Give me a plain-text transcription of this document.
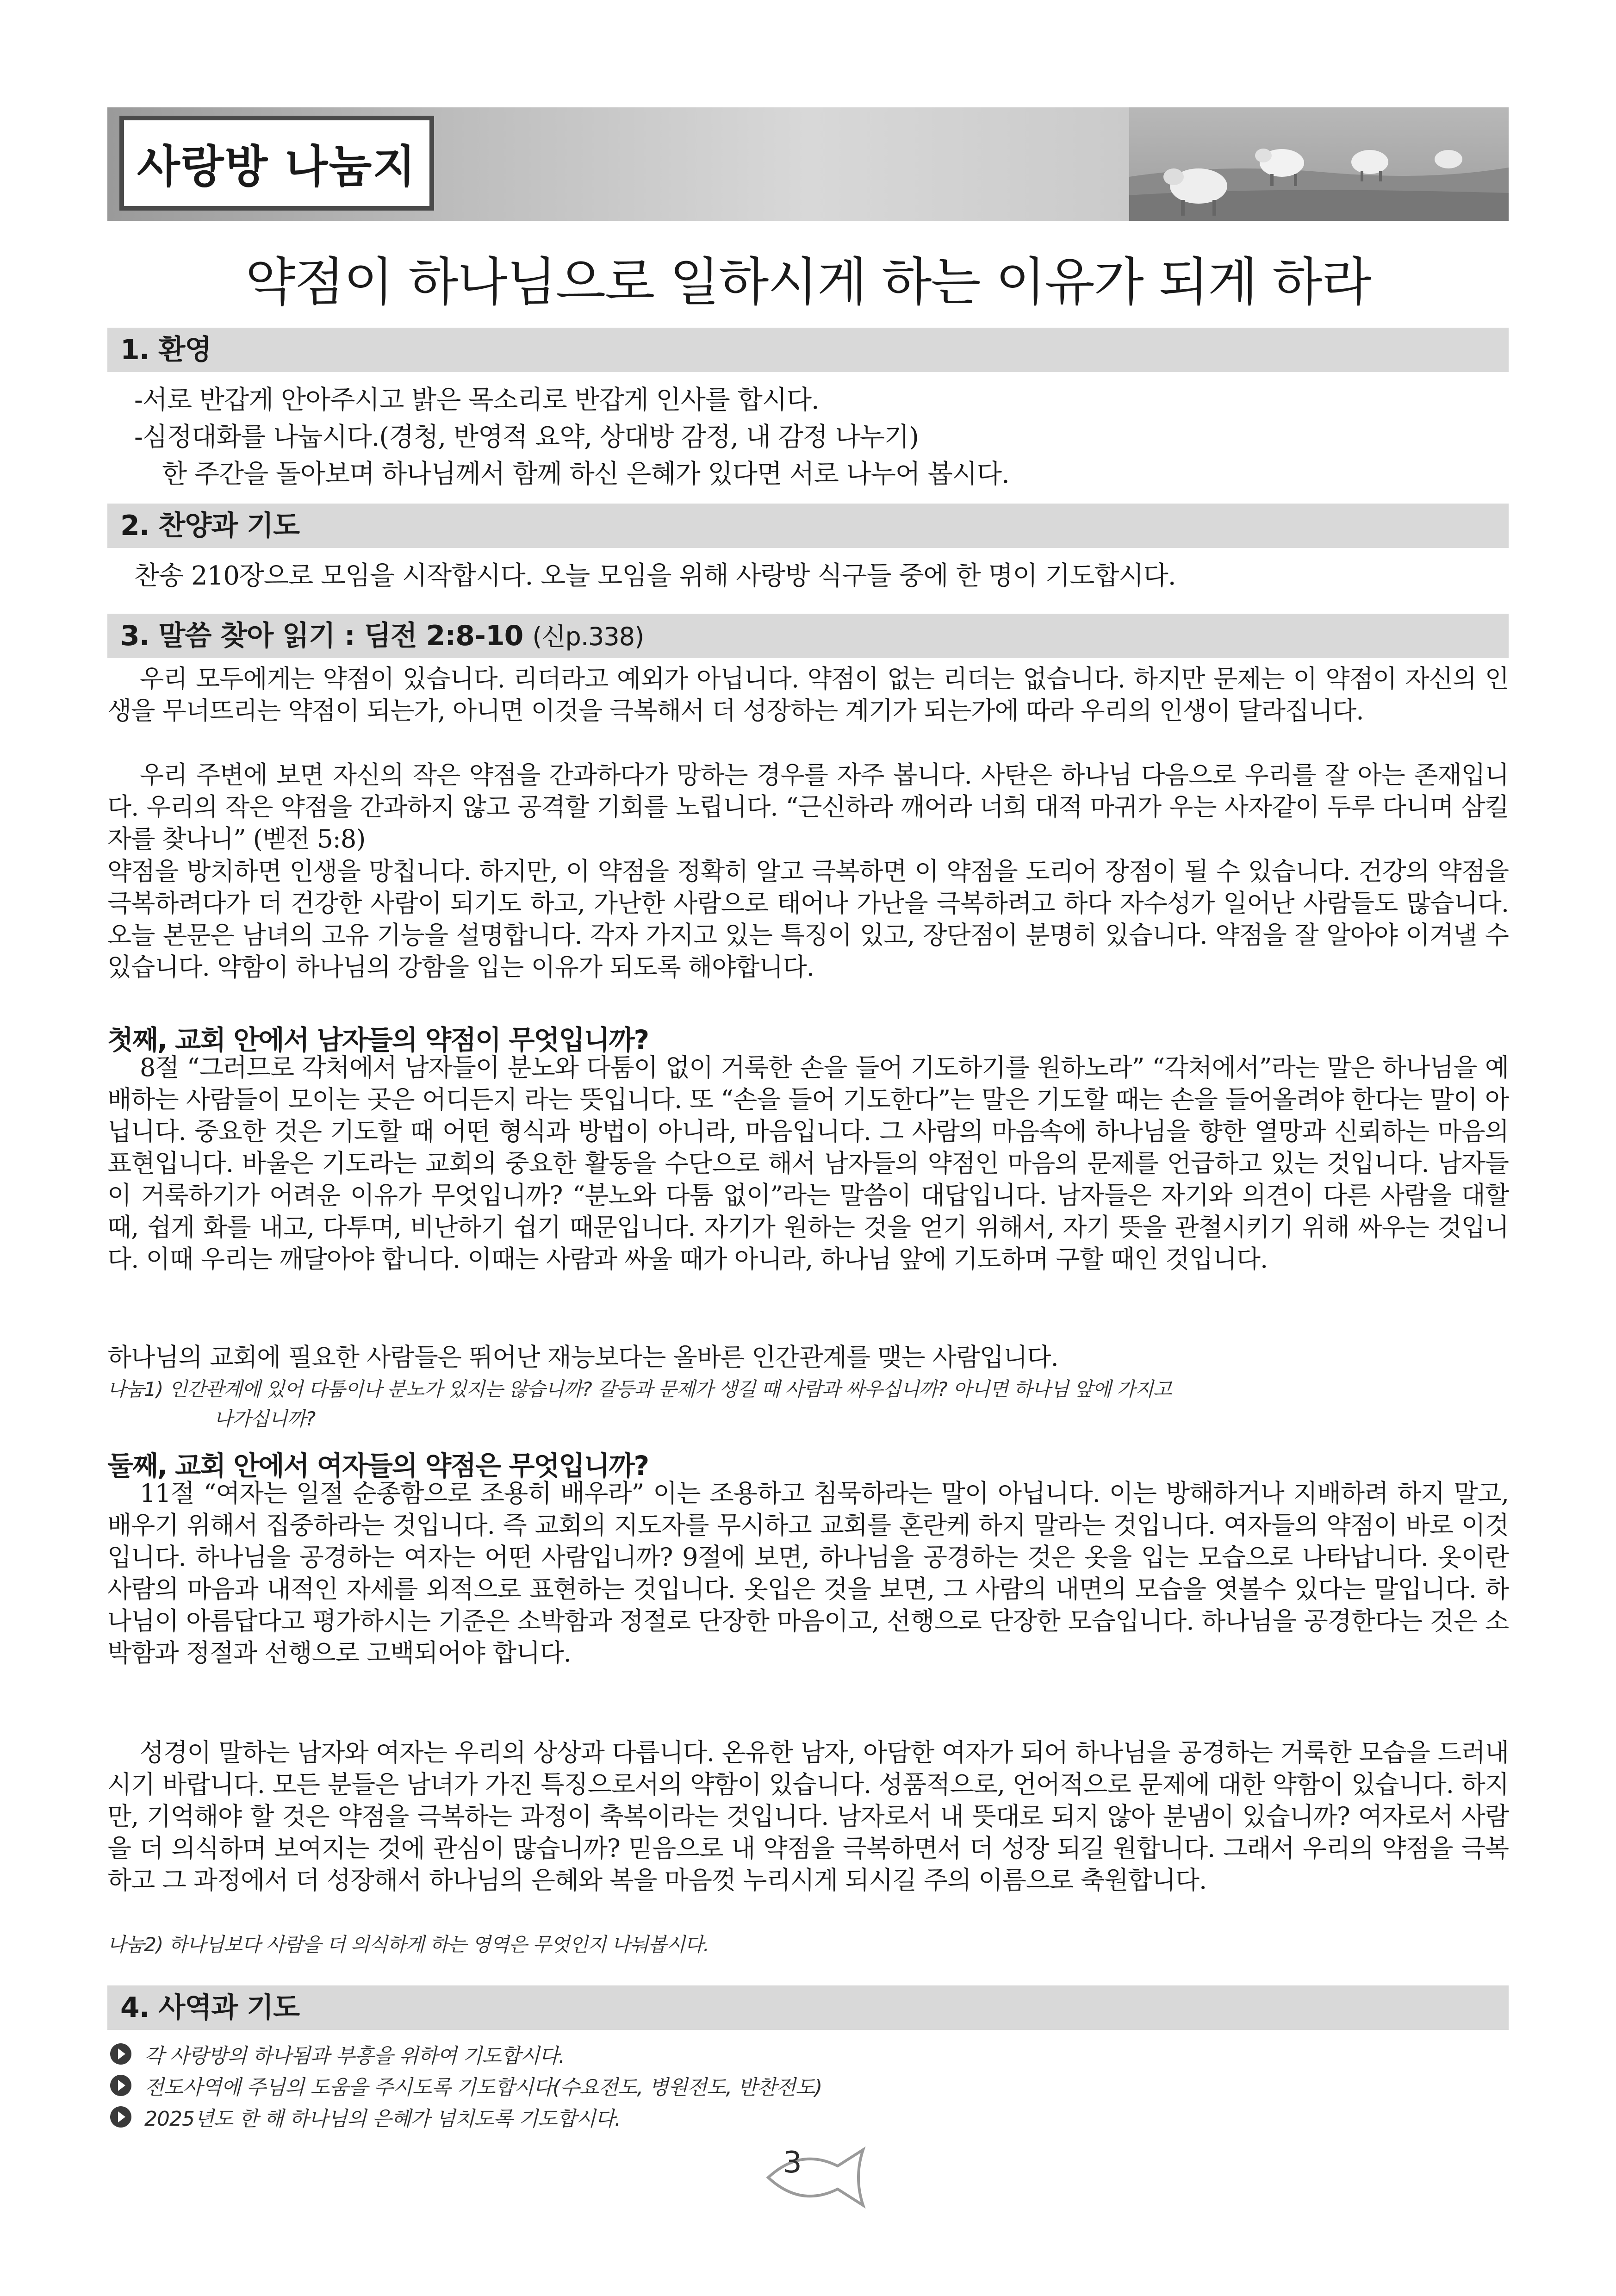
사랑방 나눔지
약점이 하나님으로 일하시게 하는 이유가 되게 하라
1. 환영
-서로 반갑게 안아주시고 밝은 목소리로 반갑게 인사를 합시다.
-심정대화를 나눕시다.(경청, 반영적 요약, 상대방 감정, 내 감정 나누기)
한 주간을 돌아보며 하나님께서 함께 하신 은혜가 있다면 서로 나누어 봅시다.
2. 찬양과 기도
찬송 210장으로 모임을 시작합시다. 오늘 모임을 위해 사랑방 식구들 중에 한 명이 기도합시다.
3. 말씀 찾아 읽기 : 딤전 2:8-10 (신p.338)
우리 모두에게는 약점이 있습니다. 리더라고 예외가 아닙니다. 약점이 없는 리더는 없습니다. 하지만 문제는 이 약점이 자신의 인생을 무너뜨리는 약점이 되는가, 아니면 이것을 극복해서 더 성장하는 계기가 되는가에 따라 우리의 인생이 달라집니다.
우리 주변에 보면 자신의 작은 약점을 간과하다가 망하는 경우를 자주 봅니다. 사탄은 하나님 다음으로 우리를 잘 아는 존재입니다. 우리의 작은 약점을 간과하지 않고 공격할 기회를 노립니다. “근신하라 깨어라 너희 대적 마귀가 우는 사자같이 두루 다니며 삼킬 자를 찾나니” (벧전 5:8)
약점을 방치하면 인생을 망칩니다. 하지만, 이 약점을 정확히 알고 극복하면 이 약점을 도리어 장점이 될 수 있습니다. 건강의 약점을 극복하려다가 더 건강한 사람이 되기도 하고, 가난한 사람으로 태어나 가난을 극복하려고 하다 자수성가 일어난 사람들도 많습니다. 오늘 본문은 남녀의 고유 기능을 설명합니다. 각자 가지고 있는 특징이 있고, 장단점이 분명히 있습니다. 약점을 잘 알아야 이겨낼 수 있습니다. 약함이 하나님의 강함을 입는 이유가 되도록 해야합니다.
첫째, 교회 안에서 남자들의 약점이 무엇입니까?
8절 “그러므로 각처에서 남자들이 분노와 다툼이 없이 거룩한 손을 들어 기도하기를 원하노라” “각처에서”라는 말은 하나님을 예배하는 사람들이 모이는 곳은 어디든지 라는 뜻입니다. 또 “손을 들어 기도한다”는 말은 기도할 때는 손을 들어올려야 한다는 말이 아닙니다. 중요한 것은 기도할 때 어떤 형식과 방법이 아니라, 마음입니다. 그 사람의 마음속에 하나님을 향한 열망과 신뢰하는 마음의 표현입니다. 바울은 기도라는 교회의 중요한 활동을 수단으로 해서 남자들의 약점인 마음의 문제를 언급하고 있는 것입니다. 남자들이 거룩하기가 어려운 이유가 무엇입니까? “분노와 다툼 없이”라는 말씀이 대답입니다. 남자들은 자기와 의견이 다른 사람을 대할 때, 쉽게 화를 내고, 다투며, 비난하기 쉽기 때문입니다. 자기가 원하는 것을 얻기 위해서, 자기 뜻을 관철시키기 위해 싸우는 것입니다. 이때 우리는 깨달아야 합니다. 이때는 사람과 싸울 때가 아니라, 하나님 앞에 기도하며 구할 때인 것입니다.
하나님의 교회에 필요한 사람들은 뛰어난 재능보다는 올바른 인간관계를 맺는 사람입니다.
나눔1) 인간관계에 있어 다툼이나 분노가 있지는 않습니까? 갈등과 문제가 생길 때 사람과 싸우십니까? 아니면 하나님 앞에 가지고
나가십니까?
둘째, 교회 안에서 여자들의 약점은 무엇입니까?
11절 “여자는 일절 순종함으로 조용히 배우라” 이는 조용하고 침묵하라는 말이 아닙니다. 이는 방해하거나 지배하려 하지 말고, 배우기 위해서 집중하라는 것입니다. 즉 교회의 지도자를 무시하고 교회를 혼란케 하지 말라는 것입니다. 여자들의 약점이 바로 이것입니다. 하나님을 공경하는 여자는 어떤 사람입니까? 9절에 보면, 하나님을 공경하는 것은 옷을 입는 모습으로 나타납니다. 옷이란 사람의 마음과 내적인 자세를 외적으로 표현하는 것입니다. 옷입은 것을 보면, 그 사람의 내면의 모습을 엿볼수 있다는 말입니다. 하나님이 아름답다고 평가하시는 기준은 소박함과 정절로 단장한 마음이고, 선행으로 단장한 모습입니다. 하나님을 공경한다는 것은 소박함과 정절과 선행으로 고백되어야 합니다.
성경이 말하는 남자와 여자는 우리의 상상과 다릅니다. 온유한 남자, 아담한 여자가 되어 하나님을 공경하는 거룩한 모습을 드러내시기 바랍니다. 모든 분들은 남녀가 가진 특징으로서의 약함이 있습니다. 성품적으로, 언어적으로 문제에 대한 약함이 있습니다. 하지만, 기억해야 할 것은 약점을 극복하는 과정이 축복이라는 것입니다. 남자로서 내 뜻대로 되지 않아 분냄이 있습니까? 여자로서 사람을 더 의식하며 보여지는 것에 관심이 많습니까? 믿음으로 내 약점을 극복하면서 더 성장 되길 원합니다. 그래서 우리의 약점을 극복하고 그 과정에서 더 성장해서 하나님의 은혜와 복을 마음껏 누리시게 되시길 주의 이름으로 축원합니다.
나눔2) 하나님보다 사람을 더 의식하게 하는 영역은 무엇인지 나눠봅시다.
4. 사역과 기도
각 사랑방의 하나됨과 부흥을 위하여 기도합시다.
전도사역에 주님의 도움을 주시도록 기도합시다(수요전도, 병원전도, 반찬전도)
2025년도 한 해 하나님의 은혜가 넘치도록 기도합시다.
3
